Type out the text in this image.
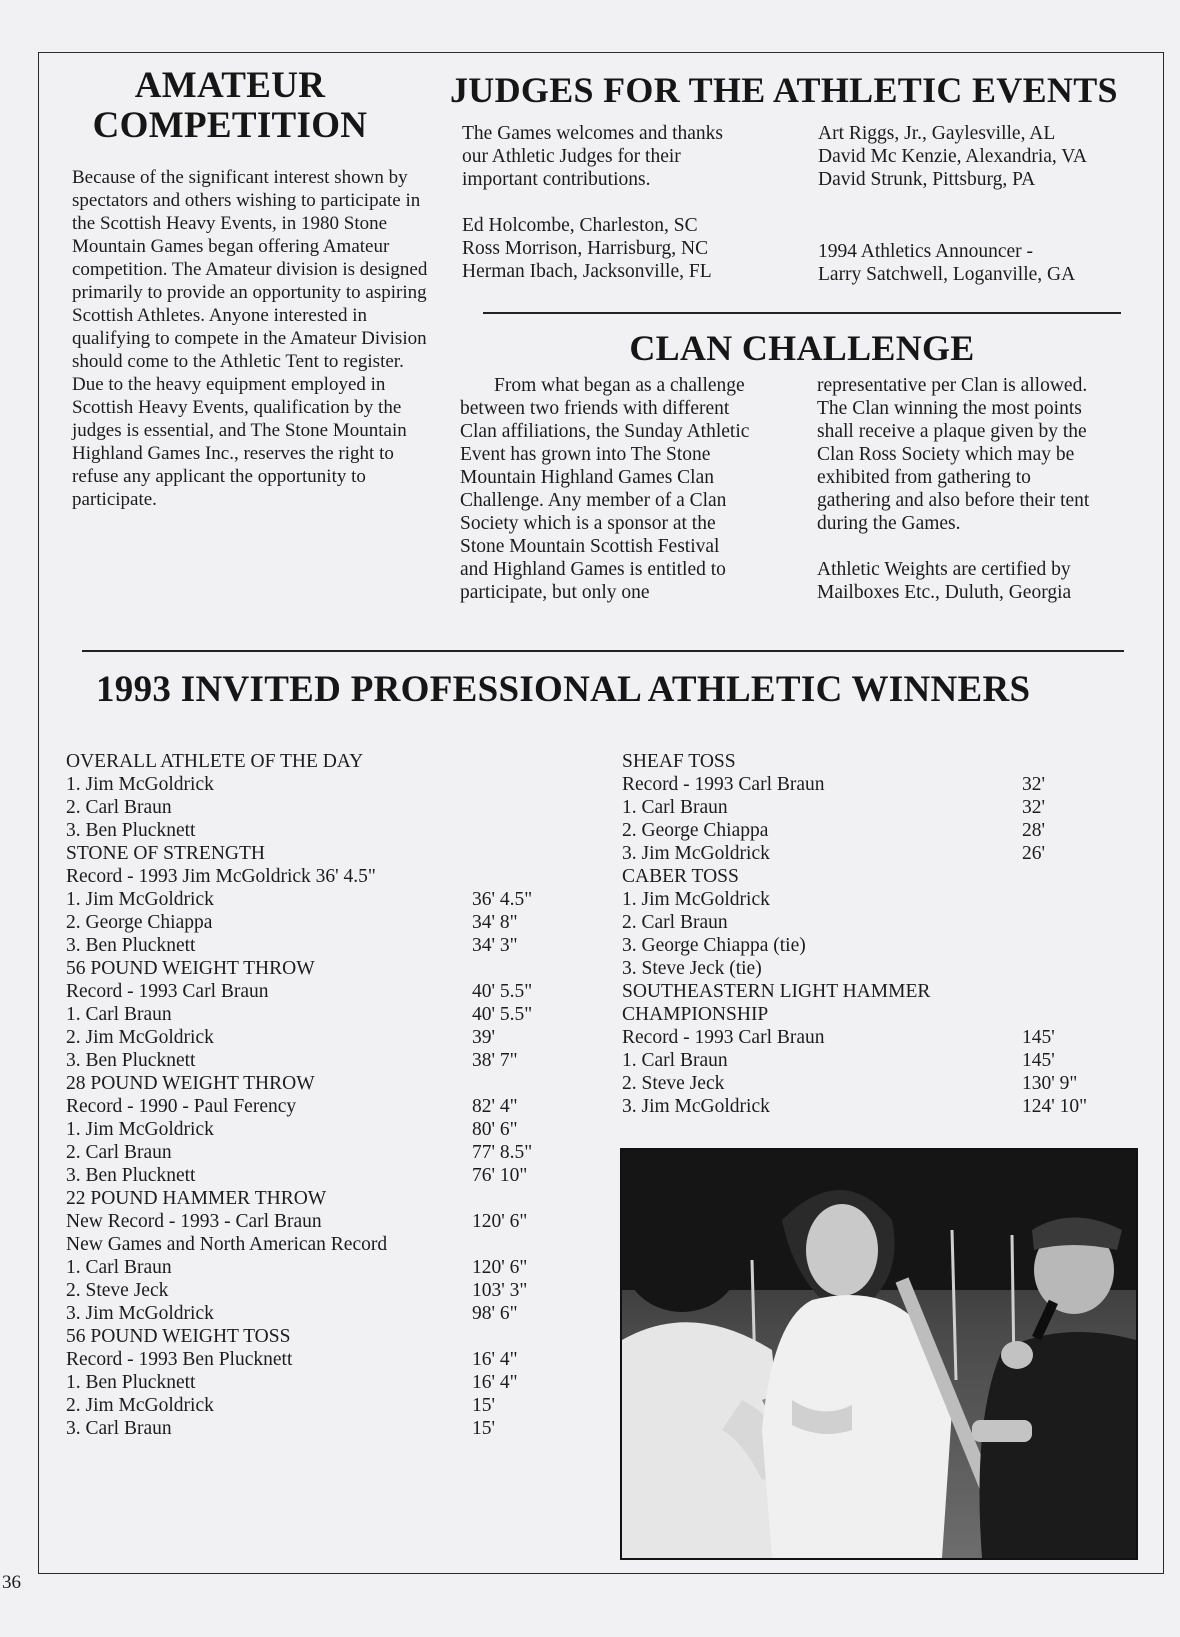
AMATEUR
COMPETITION
Because of the significant interest shown by spectators and others wishing to participate in the Scottish Heavy Events, in 1980 Stone Mountain Games began offering Amateur competition. The Amateur division is designed primarily to provide an opportunity to aspiring Scottish Athletes. Anyone interested in qualifying to compete in the Amateur Division should come to the Athletic Tent to register. Due to the heavy equipment employed in Scottish Heavy Events, qualification by the judges is essential, and The Stone Mountain Highland Games Inc., reserves the right to refuse any applicant the opportunity to participate.
JUDGES FOR THE ATHLETIC EVENTS
The Games welcomes and thanks
our Athletic Judges for their
important contributions.
Ed Holcombe, Charleston, SC
Ross Morrison, Harrisburg, NC
Herman Ibach, Jacksonville, FL
Art Riggs, Jr., Gaylesville, AL
David Mc Kenzie, Alexandria, VA
David Strunk, Pittsburg, PA
1994 Athletics Announcer -
Larry Satchwell, Loganville, GA
CLAN CHALLENGE
From what began as a challenge
between two friends with different
Clan affiliations, the Sunday Athletic
Event has grown into The Stone
Mountain Highland Games Clan
Challenge. Any member of a Clan
Society which is a sponsor at the
Stone Mountain Scottish Festival
and Highland Games is entitled to
participate, but only one
representative per Clan is allowed.
The Clan winning the most points
shall receive a plaque given by the
Clan Ross Society which may be
exhibited from gathering to
gathering and also before their tent
during the Games.
Athletic Weights are certified by
Mailboxes Etc., Duluth, Georgia
1993 INVITED PROFESSIONAL ATHLETIC WINNERS
OVERALL ATHLETE OF THE DAY
1. Jim McGoldrick
2. Carl Braun
3. Ben Plucknett
STONE OF STRENGTH
Record - 1993 Jim McGoldrick 36' 4.5"
1. Jim McGoldrick	36' 4.5"
2. George Chiappa	34' 8"
3. Ben Plucknett	34' 3"
56 POUND WEIGHT THROW
Record - 1993 Carl Braun	40' 5.5"
1. Carl Braun	40' 5.5"
2. Jim McGoldrick	39'
3. Ben Plucknett	38' 7"
28 POUND WEIGHT THROW
Record - 1990 - Paul Ferency	82' 4"
1. Jim McGoldrick	80' 6"
2. Carl Braun	77' 8.5"
3. Ben Plucknett	76' 10"
22 POUND HAMMER THROW
New Record - 1993 - Carl Braun	120' 6"
New Games and North American Record
1. Carl Braun	120' 6"
2. Steve Jeck	103' 3"
3. Jim McGoldrick	98' 6"
56 POUND WEIGHT TOSS
Record - 1993 Ben Plucknett	16' 4"
1. Ben Plucknett	16' 4"
2. Jim McGoldrick	15'
3. Carl Braun	15'
SHEAF TOSS
Record - 1993 Carl Braun	32'
1. Carl Braun	32'
2. George Chiappa	28'
3. Jim McGoldrick	26'
CABER TOSS
1. Jim McGoldrick
2. Carl Braun
3. George Chiappa (tie)
3. Steve Jeck (tie)
SOUTHEASTERN LIGHT HAMMER
CHAMPIONSHIP
Record - 1993 Carl Braun	145'
1. Carl Braun	145'
2. Steve Jeck	130' 9"
3. Jim McGoldrick	124' 10"
36
